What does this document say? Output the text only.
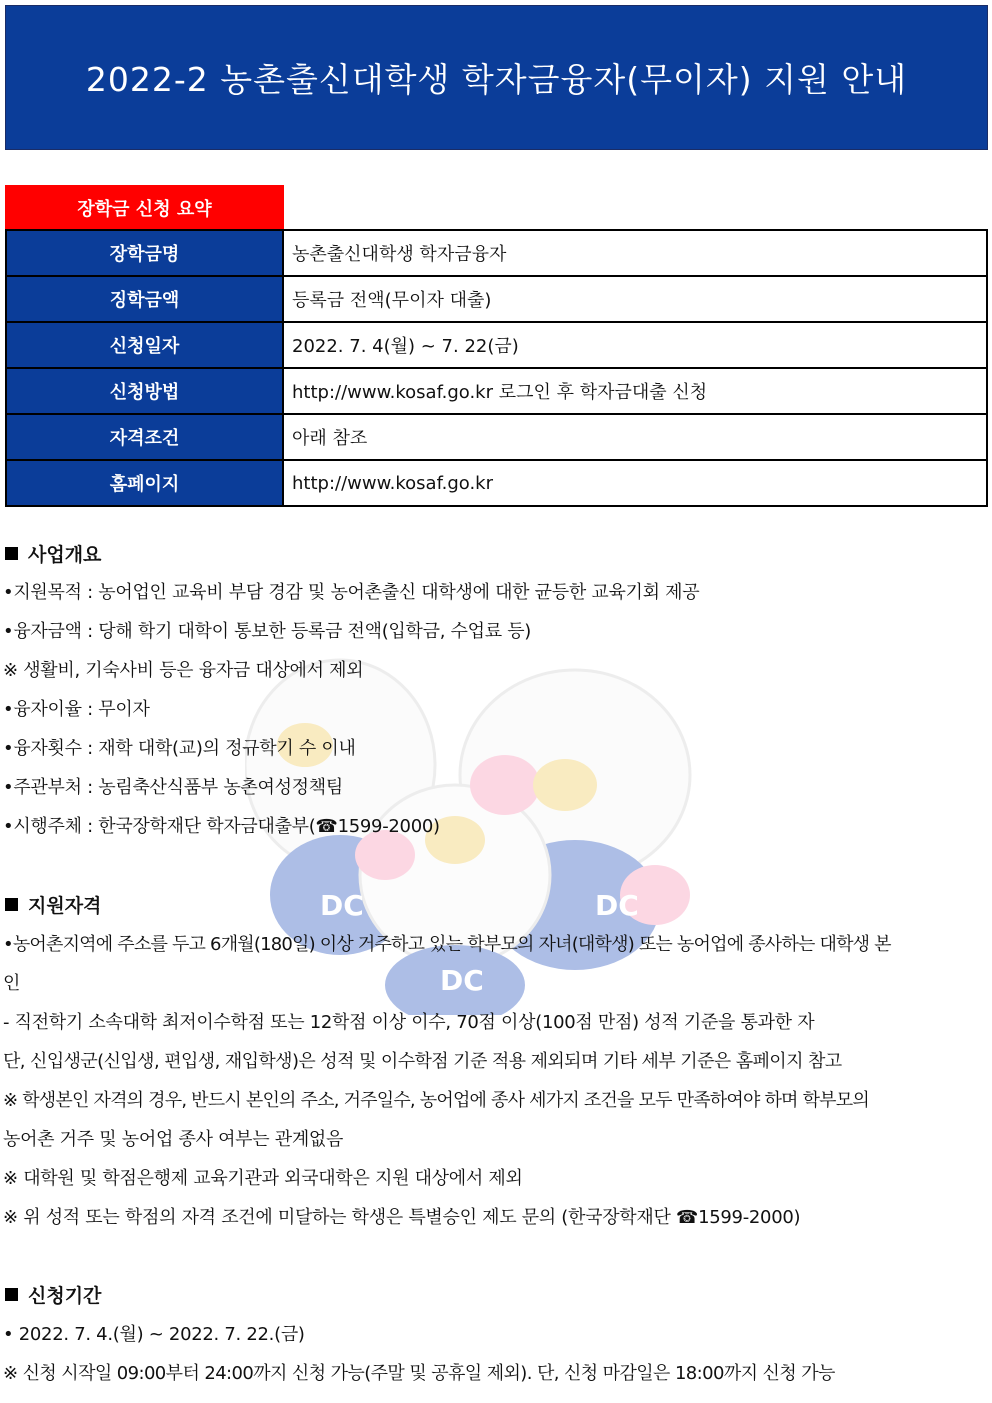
2022-2 농촌출신대학생 학자금융자(무이자) 지원 안내
장학금 신청 요약
장학금명	농촌출신대학생 학자금융자
징학금액	등록금 전액(무이자 대출)
신청일자	2022. 7. 4(월) ~ 7. 22(금)
신청방법	http://www.kosaf.go.kr 로그인 후 학자금대출 신청
자격조건	아래 참조
홈페이지	http://www.kosaf.go.kr
DC	DC
DC
사업개요
•지원목적 : 농어업인 교육비 부담 경감 및 농어촌출신 대학생에 대한 균등한 교육기회 제공
•융자금액 : 당해 학기 대학이 통보한 등록금 전액(입학금, 수업료 등)
※ 생활비, 기숙사비 등은 융자금 대상에서 제외
•융자이율 : 무이자
•융자횟수 : 재학 대학(교)의 정규학기 수 이내
•주관부처 : 농림축산식품부 농촌여성정책팀
•시행주체 : 한국장학재단 학자금대출부(☎1599-2000)
지원자격
•농어촌지역에 주소를 두고 6개월(180일) 이상 거주하고 있는 학부모의 자녀(대학생) 또는 농어업에 종사하는 대학생 본
인
- 직전학기 소속대학 최저이수학점 또는 12학점 이상 이수, 70점 이상(100점 만점) 성적 기준을 통과한 자
단, 신입생군(신입생, 편입생, 재입학생)은 성적 및 이수학점 기준 적용 제외되며 기타 세부 기준은 홈페이지 참고
※ 학생본인 자격의 경우, 반드시 본인의 주소, 거주일수, 농어업에 종사 세가지 조건을 모두 만족하여야 하며 학부모의
농어촌 거주 및 농어업 종사 여부는 관계없음
※ 대학원 및 학점은행제 교육기관과 외국대학은 지원 대상에서 제외
※ 위 성적 또는 학점의 자격 조건에 미달하는 학생은 특별승인 제도 문의 (한국장학재단 ☎1599-2000)
신청기간
• 2022. 7. 4.(월) ~ 2022. 7. 22.(금)
※ 신청 시작일 09:00부터 24:00까지 신청 가능(주말 및 공휴일 제외). 단, 신청 마감일은 18:00까지 신청 가능
